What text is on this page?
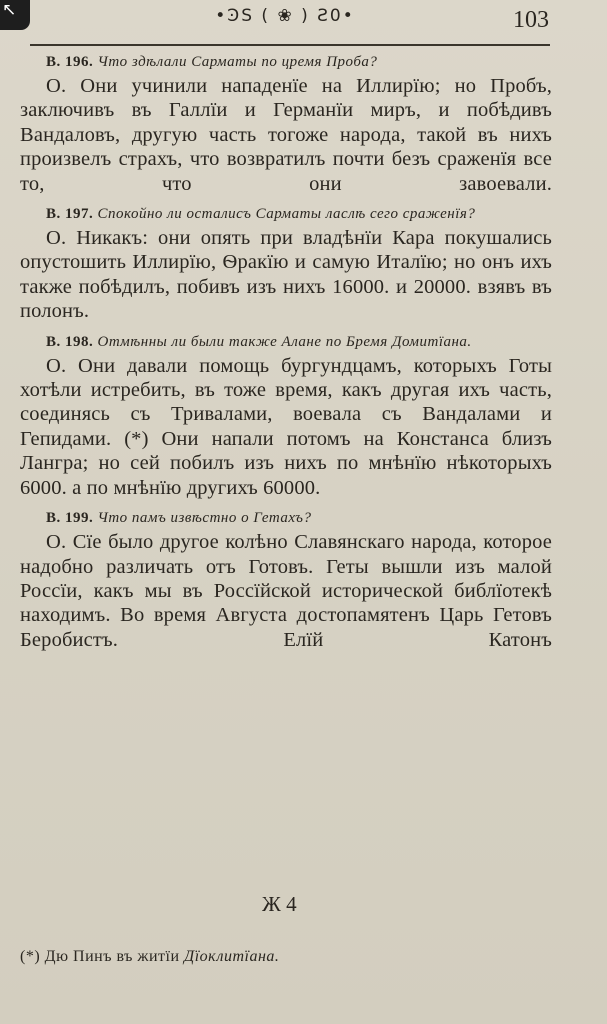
↖	•ϿS ( ❀ ) Ƨ0•	103

В. 196. Что здѣлали Сарматы по цремя Проба?

О. Они учинили нападенїе на Иллирїю; но Пробъ, заключивъ въ Галлїи и Германїи миръ, и побѣдивъ Вандаловъ, другую часть тогоже народа, такой въ нихъ произвелъ страхъ, что возвратилъ почти безъ сраженїя все то, что они завоевали.

В. 197. Спокойно ли осталисъ Сарматы ласлѣ сего сраженїя?

О. Никакъ: они опять при владѣнїи Кара покушались опустошить Иллирїю, Ѳракїю и самую Италїю; но онъ ихъ также побѣдилъ, побивъ изъ нихъ 16000. и 20000. взявъ въ полонъ.

В. 198. Отмѣнны ли были также Алане по Бремя Домитїана.

О. Они давали помощь бургундцамъ, которыхъ Готы хотѣли истребить, въ тоже время, какъ другая ихъ часть, соединясь съ Тривалами, воевала съ Вандалами и Гепидами. (*) Они напали потомъ на Констанса близъ Лангра; но сей побилъ изъ нихъ по мнѣнїю нѣкоторыхъ 6000. а по мнѣнїю другихъ 60000.

В. 199. Что памъ извѣстно о Гетахъ?

О. Сїе было другое колѣно Славянскаго народа, которое надобно различать отъ Готовъ. Геты вышли изъ малой Россїи, какъ мы въ Россїйской исторической библїотекѣ находимъ. Во время Августа достопамятенъ Царь Гетовъ Беробистъ. Елїй Катонъ

Ж 4
(*) Дю Пинъ въ житїи Дїоклитїана.
